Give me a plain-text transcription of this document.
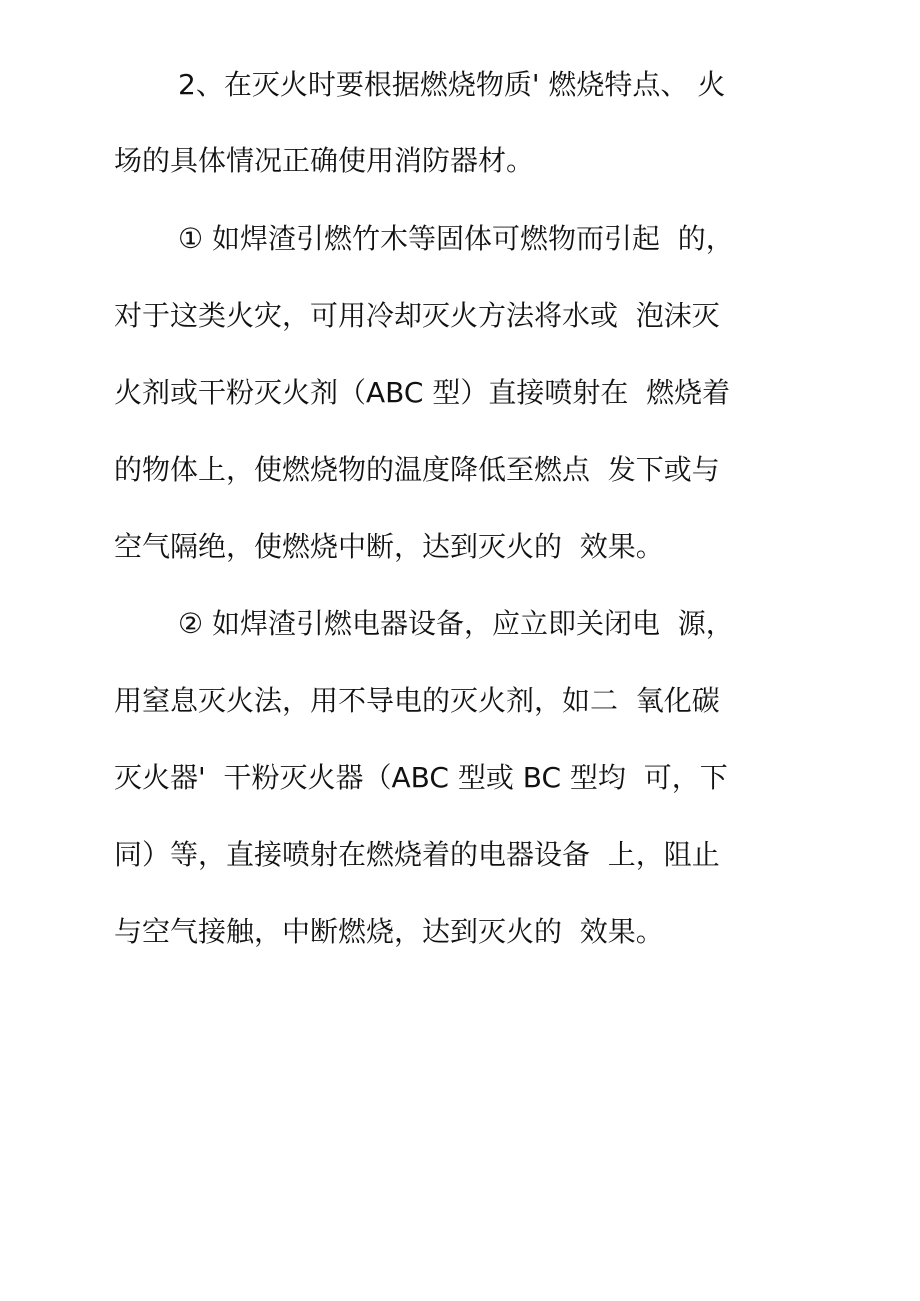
2、在灭火时要根据燃烧物质' 燃烧特点、 火
场的具体情况正确使用消防器材。
① 如焊渣引燃竹木等固体可燃物而引起  的，
对于这类火灾，可用冷却灭火方法将水或  泡沫灭
火剂或干粉灭火剂（ABC 型）直接喷射在  燃烧着
的物体上，使燃烧物的温度降低至燃点  发下或与
空气隔绝，使燃烧中断，达到灭火的  效果。
② 如焊渣引燃电器设备，应立即关闭电  源，
用窒息灭火法，用不导电的灭火剂，如二  氧化碳
灭火器'  干粉灭火器（ABC 型或 BC 型均  可，下
同）等，直接喷射在燃烧着的电器设备  上，阻止
与空气接触，中断燃烧，达到灭火的  效果。
